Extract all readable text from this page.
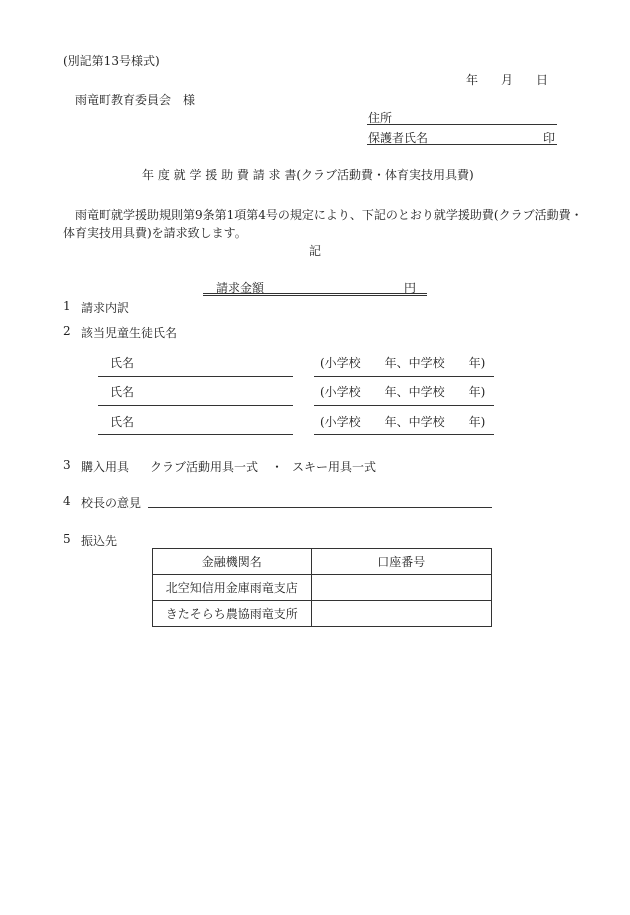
(別記第13号様式)
年 月 日
雨竜町教育委員会　様
住所
保護者氏名	印
年 度 就 学 援 助 費 請 求 書(クラブ活動費・体育実技用具費)
雨竜町就学援助規則第9条第1項第4号の規定により、下記のとおり就学援助費(クラブ活動費・
体育実技用具費)を請求致します。
記
請求金額	円
1 請求内訳
2 該当児童生徒氏名
氏名	(小学校　　年、中学校　　年)
氏名	(小学校　　年、中学校　　年)
氏名	(小学校　　年、中学校　　年)
3 購入用具 クラブ活動用具一式 ・ スキー用具一式
4 校長の意見
5 振込先
金融機関名	口座番号
北空知信用金庫雨竜支店	
きたそらち農協雨竜支所	
